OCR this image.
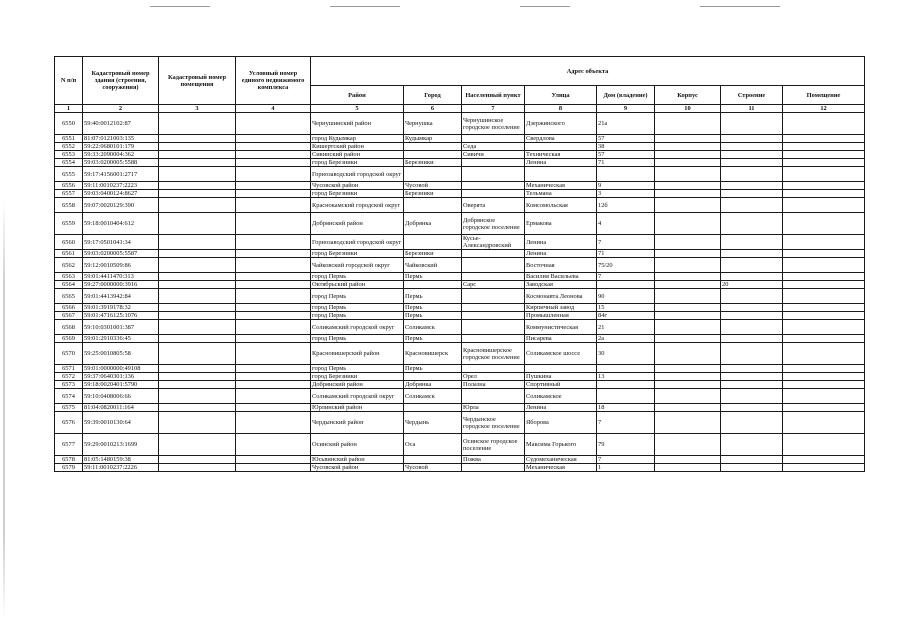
N п/п	Кадастровый номер здания (строения, сооружения)	Кадастровый номер помещения	Условный номер единого недвижимого комплекса	Адрес объекта							
				Район	Город	Населенный пункт	Улица	Дом (владение)	Корпус	Строение	Помещение
1	2	3	4	5	6	7	8	9	10	11	12
6550	59:40:0012102:87			Чернушинский район	Чернушка	Чернушинское городское поселение	Дзержинского	21а			
6551	81:07:0121003:135			город Кудымкар	Кудымкар		Свердлова	57			
6552	59:22:0680101:179			Кишертский район		Седа		38			
6553	59:33:2090004:362			Сивинский район		Сивичи	Техническая	57			
6554	59:03:0200005:5588			город Березники	Березники		Ленина	71			
6555	59:17:4156001:2717			Горнозаводский городской округ							
6556	59:11:0010237:2223			Чусовской район	Чусовой		Механическая	9			
6557	59:03:0400124:8627			город Березники	Березники		Тельмана	3			
6558	59:07:0020129:390			Краснокамский городской округ		Оверята	Комсомольская	12б			
6559	59:18:0010404:612			Добрянский район	Добрянка	Добрянское городское поселение	Ермакова	4			
6560	59:17:0501041:34			Горнозаводский городской округ		Кусье-Александровский	Ленина	7			
6561	59:03:0200005:5587			город Березники	Березники		Ленина	71			
6562	59:12:0010509:86			Чайковский городской округ	Чайковский		Восточная	75/20			
6563	59:01:4411470:313			город Пермь	Пермь		Василия Васильева	7			
6564	59:27:0000000:3916			Октябрьский район		Сарс	Заводская			20	
6565	59:01:4413942:84			город Пермь	Пермь		Космонавта Леонова	90			
6566	59:01:3919178:32			город Пермь	Пермь		Кирпичный завод	15			
6567	59:01:4716125:1076			город Пермь	Пермь		Промышленная	84г			
6568	59:10:0301001:387			Соликамский городской округ	Соликамск		Коммунистическая	21			
6569	59:01:2910336:45			город Пермь	Пермь		Писарева	2а			
6570	59:25:0010805:58			Красновишерский район	Красновишерск	Красновишерское городское поселение	Соликамское шоссе	30			
6571	59:01:0000000:49108			город Пермь	Пермь						
6572	59:37:0640301:136			город Березники		Орел	Пушкина	13			
6573	59:18:0020401:5790			Добрянский район	Добрянка	Полазна	Спортивный				
6574	59:10:0408006:66			Соликамский городской округ	Соликамск		Соликамское				
6575	81:04:0820011:164			Юрлинский район		Юрла	Ленина	18			
6576	59:39:0010130:64			Чердынский район	Чердынь	Чердынское городское поселение	Яборова	7			
6577	59:29:0010213:1699			Осинский район	Оса	Осинское городское поселение	Максима Горького	79			
6578	81:05:1480159:38			Юсьвинский район		Пожва	Судомеханическая	7			
6579	59:11:0010237:2226			Чусовской район	Чусовой		Механическая	1			
